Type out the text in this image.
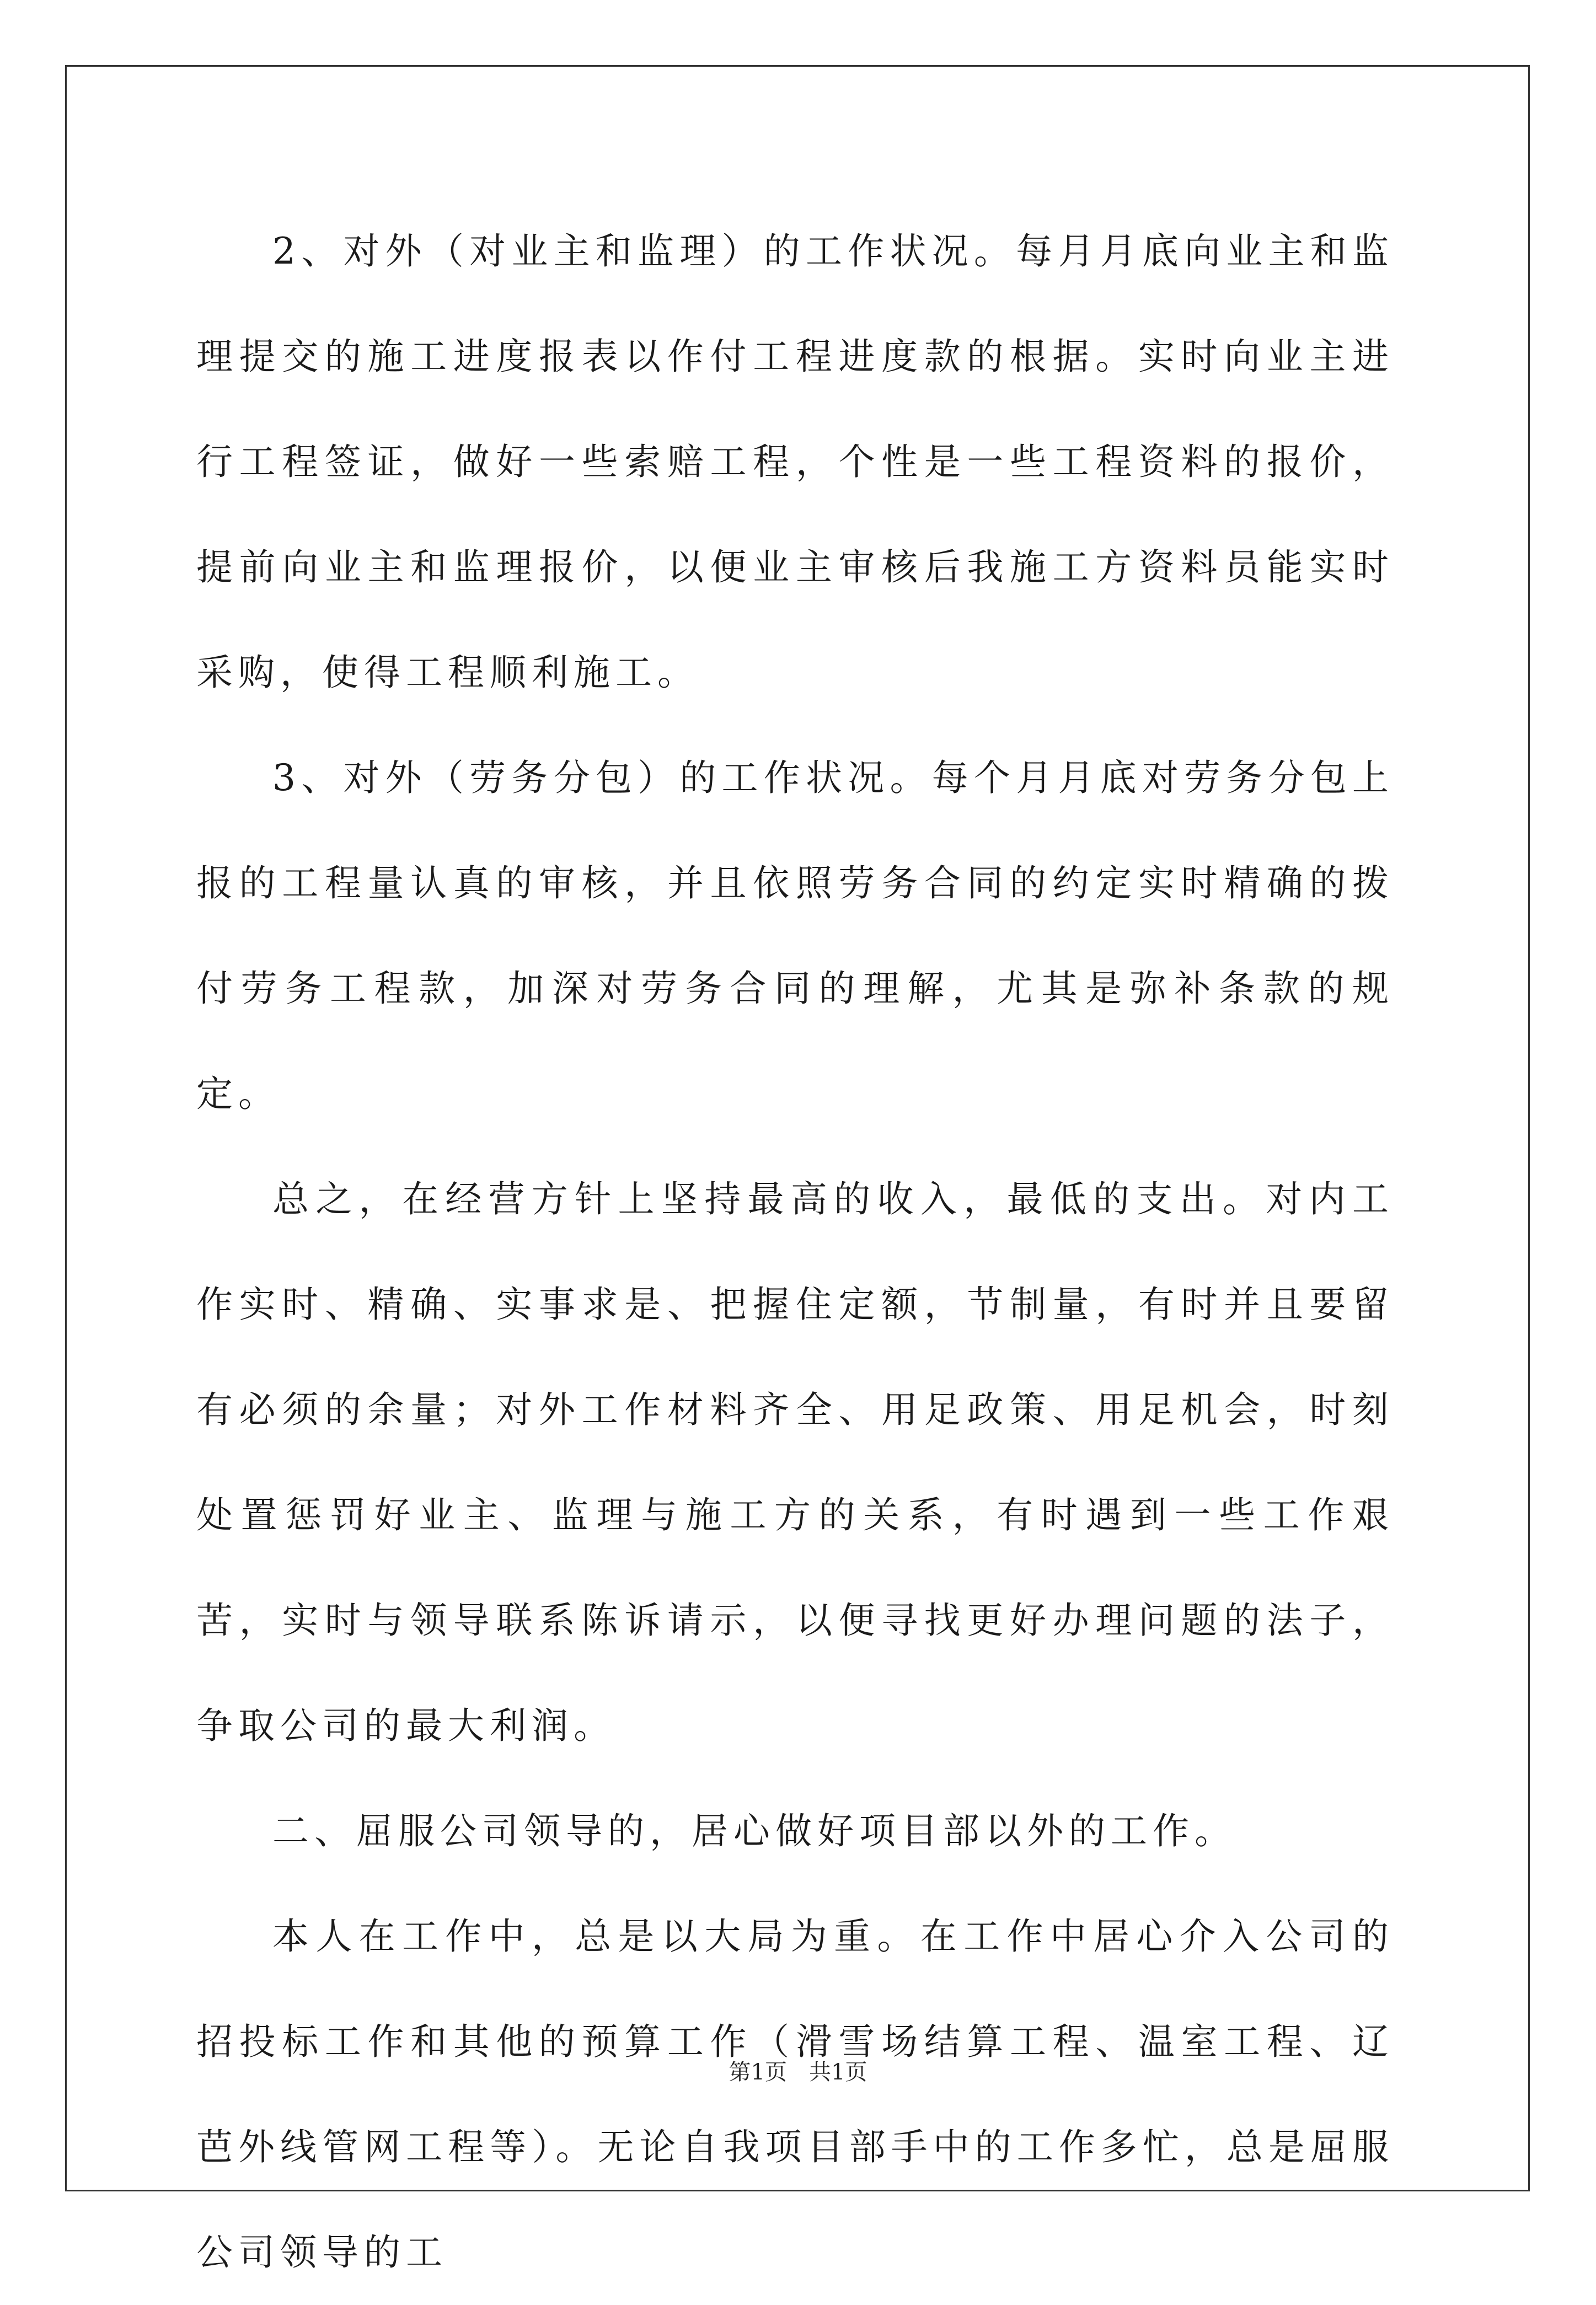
2、对外（对业主和监理）的工作状况。每月月底向业主和监理提交的施工进度报表以作付工程进度款的根据。实时向业主进行工程签证，做好一些索赔工程，个性是一些工程资料的报价，提前向业主和监理报价，以便业主审核后我施工方资料员能实时采购，使得工程顺利施工。

3、对外（劳务分包）的工作状况。每个月月底对劳务分包上报的工程量认真的审核，并且依照劳务合同的约定实时精确的拨付劳务工程款，加深对劳务合同的理解，尤其是弥补条款的规定。

总之，在经营方针上坚持最高的收入，最低的支出。对内工作实时、精确、实事求是、把握住定额，节制量，有时并且要留有必须的余量；对外工作材料齐全、用足政策、用足机会，时刻处置惩罚好业主、监理与施工方的关系，有时遇到一些工作艰苦，实时与领导联系陈诉请示，以便寻找更好办理问题的法子，争取公司的最大利润。

二、屈服公司领导的，居心做好项目部以外的工作。

本人在工作中，总是以大局为重。在工作中居心介入公司的招投标工作和其他的预算工作（滑雪场结算工程、温室工程、辽芭外线管网工程等）。无论自我项目部手中的工作多忙，总是屈服公司领导的工

第1页 共1页
